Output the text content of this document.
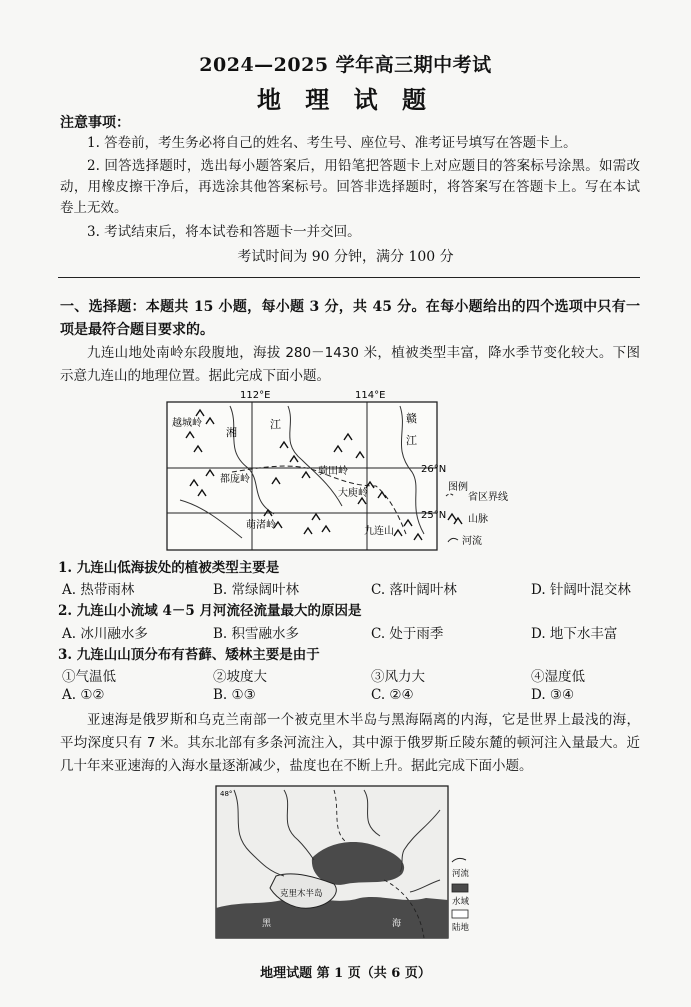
2024—2025 学年高三期中考试
地 理 试 题
注意事项：
1. 答卷前，考生务必将自己的姓名、考生号、座位号、准考证号填写在答题卡上。
2. 回答选择题时，选出每小题答案后，用铅笔把答题卡上对应题目的答案标号涂黑。如需改动，用橡皮擦干净后，再选涂其他答案标号。回答非选择题时，将答案写在答题卡上。写在本试卷上无效。
3. 考试结束后，将本试卷和答题卡一并交回。
考试时间为 90 分钟，满分 100 分
一、选择题：本题共 15 小题，每小题 3 分，共 45 分。在每小题给出的四个选项中只有一项是最符合题目要求的。
九连山地处南岭东段腹地，海拔 280－1430 米，植被类型丰富，降水季节变化较大。下图示意九连山的地理位置。据此完成下面小题。
112°E	114°E
26°N
25°N
越城岭
湘
江	赣
江
都庞岭
骑田岭
大庾岭
萌渚岭
九连山
图例
省区界线
山脉
河流
1. 九连山低海拔处的植被类型主要是
A. 热带雨林	B. 常绿阔叶林	C. 落叶阔叶林	D. 针阔叶混交林
2. 九连山小流域 4－5 月河流径流量最大的原因是
A. 冰川融水多	B. 积雪融水多	C. 处于雨季	D. 地下水丰富
3. 九连山山顶分布有苔藓、矮林主要是由于
①气温低	②坡度大	③风力大	④湿度低
A. ①②	B. ①③	C. ②④	D. ③④
亚速海是俄罗斯和乌克兰南部一个被克里木半岛与黑海隔离的内海，它是世界上最浅的海，平均深度只有 7 米。其东北部有多条河流注入，其中源于俄罗斯丘陵东麓的顿河注入量最大。近几十年来亚速海的入海水量逐渐减少，盐度也在不断上升。据此完成下面小题。
48°
克里木半岛
黑	海
河流
水域
陆地
地理试题 第 1 页（共 6 页）
